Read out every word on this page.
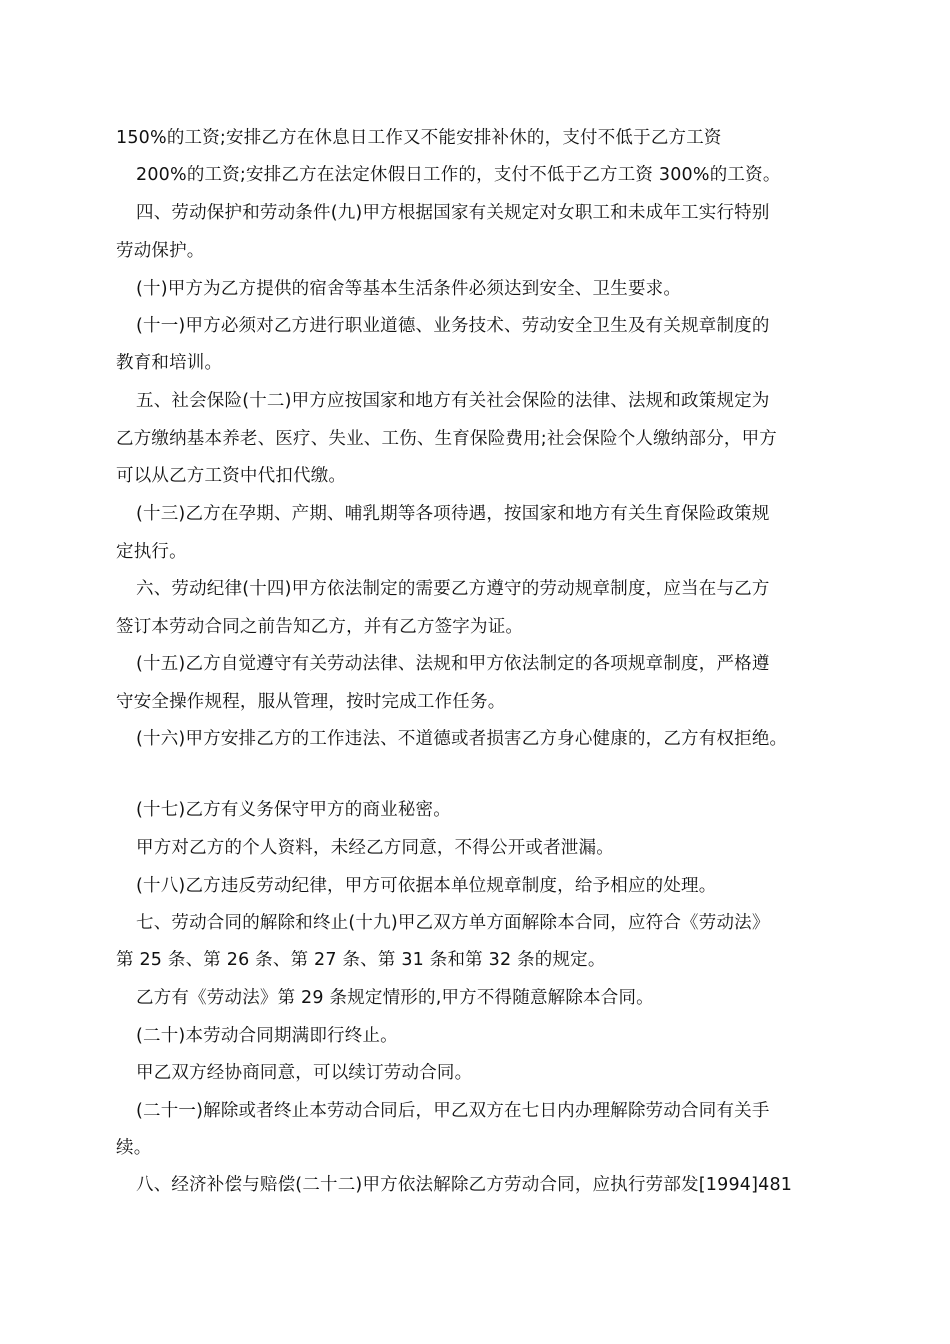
150%的工资;安排乙方在休息日工作又不能安排补休的，支付不低于乙方工资
200%的工资;安排乙方在法定休假日工作的，支付不低于乙方工资 300%的工资。
四、劳动保护和劳动条件(九)甲方根据国家有关规定对女职工和未成年工实行特别
劳动保护。
(十)甲方为乙方提供的宿舍等基本生活条件必须达到安全、卫生要求。
(十一)甲方必须对乙方进行职业道德、业务技术、劳动安全卫生及有关规章制度的
教育和培训。
五、社会保险(十二)甲方应按国家和地方有关社会保险的法律、法规和政策规定为
乙方缴纳基本养老、医疗、失业、工伤、生育保险费用;社会保险个人缴纳部分，甲方
可以从乙方工资中代扣代缴。
(十三)乙方在孕期、产期、哺乳期等各项待遇，按国家和地方有关生育保险政策规
定执行。
六、劳动纪律(十四)甲方依法制定的需要乙方遵守的劳动规章制度，应当在与乙方
签订本劳动合同之前告知乙方，并有乙方签字为证。
(十五)乙方自觉遵守有关劳动法律、法规和甲方依法制定的各项规章制度，严格遵
守安全操作规程，服从管理，按时完成工作任务。
(十六)甲方安排乙方的工作违法、不道德或者损害乙方身心健康的，乙方有权拒绝。
(十七)乙方有义务保守甲方的商业秘密。
甲方对乙方的个人资料，未经乙方同意，不得公开或者泄漏。
(十八)乙方违反劳动纪律，甲方可依据本单位规章制度，给予相应的处理。
七、劳动合同的解除和终止(十九)甲乙双方单方面解除本合同，应符合《劳动法》
第 25 条、第 26 条、第 27 条、第 31 条和第 32 条的规定。
乙方有《劳动法》第 29 条规定情形的,甲方不得随意解除本合同。
(二十)本劳动合同期满即行终止。
甲乙双方经协商同意，可以续订劳动合同。
(二十一)解除或者终止本劳动合同后，甲乙双方在七日内办理解除劳动合同有关手
续。
八、经济补偿与赔偿(二十二)甲方依法解除乙方劳动合同，应执行劳部发[1994]481
